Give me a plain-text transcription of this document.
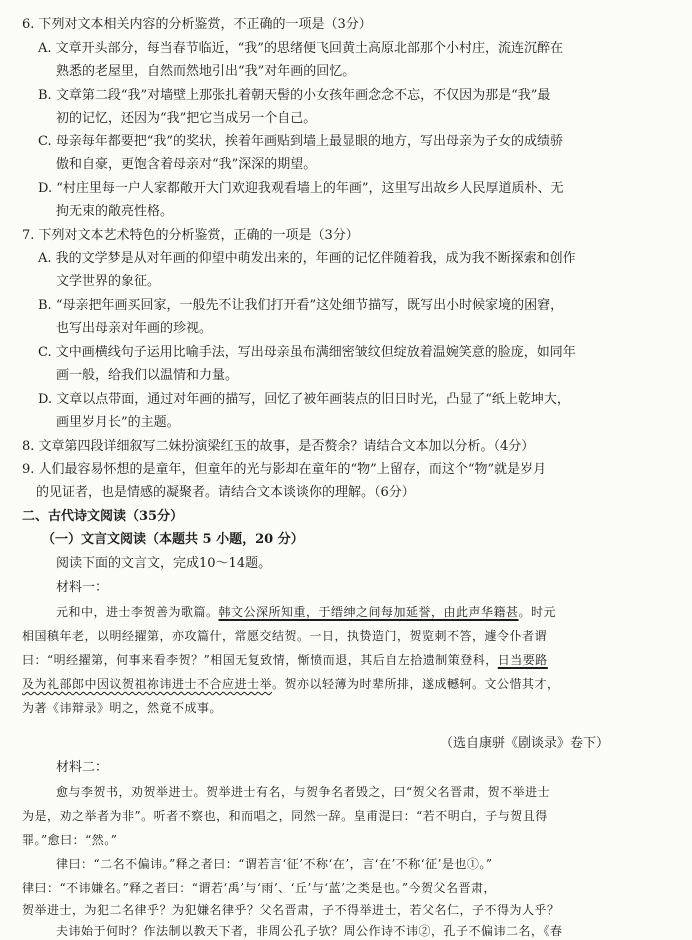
6. 下列对文本相关内容的分析鉴赏，不正确的一项是（3分）
A. 文章开头部分，每当春节临近，“我”的思绪便飞回黄土高原北部那个小村庄，流连沉醉在
熟悉的老屋里，自然而然地引出“我”对年画的回忆。
B. 文章第二段“我”对墙壁上那张扎着朝天髻的小女孩年画念念不忘，不仅因为那是“我”最
初的记忆，还因为“我”把它当成另一个自己。
C. 母亲每年都要把“我”的奖状，挨着年画贴到墙上最显眼的地方，写出母亲为子女的成绩骄
傲和自豪，更饱含着母亲对“我”深深的期望。
D. “村庄里每一户人家都敞开大门欢迎我观看墙上的年画”，这里写出故乡人民厚道质朴、无
拘无束的敞亮性格。
7. 下列对文本艺术特色的分析鉴赏，正确的一项是（3分）
A. 我的文学梦是从对年画的仰望中萌发出来的，年画的记忆伴随着我，成为我不断探索和创作
文学世界的象征。
B. “母亲把年画买回家，一般先不让我们打开看”这处细节描写，既写出小时候家境的困窘，
也写出母亲对年画的珍视。
C. 文中画横线句子运用比喻手法，写出母亲虽布满细密皱纹但绽放着温婉笑意的脸庞，如同年
画一般，给我们以温情和力量。
D. 文章以点带面，通过对年画的描写，回忆了被年画装点的旧日时光，凸显了“纸上乾坤大，
画里岁月长”的主题。
8. 文章第四段详细叙写二妹扮演梁红玉的故事，是否赘余？请结合文本加以分析。（4分）
9. 人们最容易怀想的是童年，但童年的光与影却在童年的“物”上留存，而这个“物”就是岁月
的见证者，也是情感的凝聚者。请结合文本谈谈你的理解。（6分）
二、古代诗文阅读（35分）
（一）文言文阅读（本题共 5 小题，20 分）
阅读下面的文言文，完成10～14题。
材料一：
元和中，进士李贺善为歌篇。韩文公深所知重，于缙绅之间每加延誉，由此声华籍甚。时元
相国稹年老，以明经擢第，亦攻篇什，常愿交结贺。一日，执贽造门，贺览刺不答，遽令仆者谓
曰：“明经擢第，何事来看李贺？”相国无复致情，惭愤而退，其后自左拾遗制策登科，日当要路
及为礼部郎中因议贺祖祢讳进士不合应进士举。贺亦以轻薄为时辈所排，遂成轗轲。文公惜其才，
为著《讳辩录》明之，然竟不成事。
（选自康骈《剧谈录》卷下）
材料二：
愈与李贺书，劝贺举进士。贺举进士有名，与贺争名者毁之，曰“贺父名晋肃，贺不举进士
为是，劝之举者为非”。听者不察也，和而唱之，同然一辞。皇甫湜曰：“若不明白，子与贺且得
罪。”愈曰：“然。”
律曰：“二名不偏讳。”释之者曰：“谓若言‘征’不称‘在’，言‘在’不称‘征’是也①。”
律曰：“不讳嫌名。”释之者曰：“谓若‘禹’与‘雨’、‘丘’与‘蓝’之类是也。”今贺父名晋肃，
贺举进士，为犯二名律乎？为犯嫌名律乎？父名晋肃，子不得举进士，若父名仁，子不得为人乎？
夫讳始于何时？作法制以教天下者，非周公孔子欤？周公作诗不讳②，孔子不偏讳二名，《春
